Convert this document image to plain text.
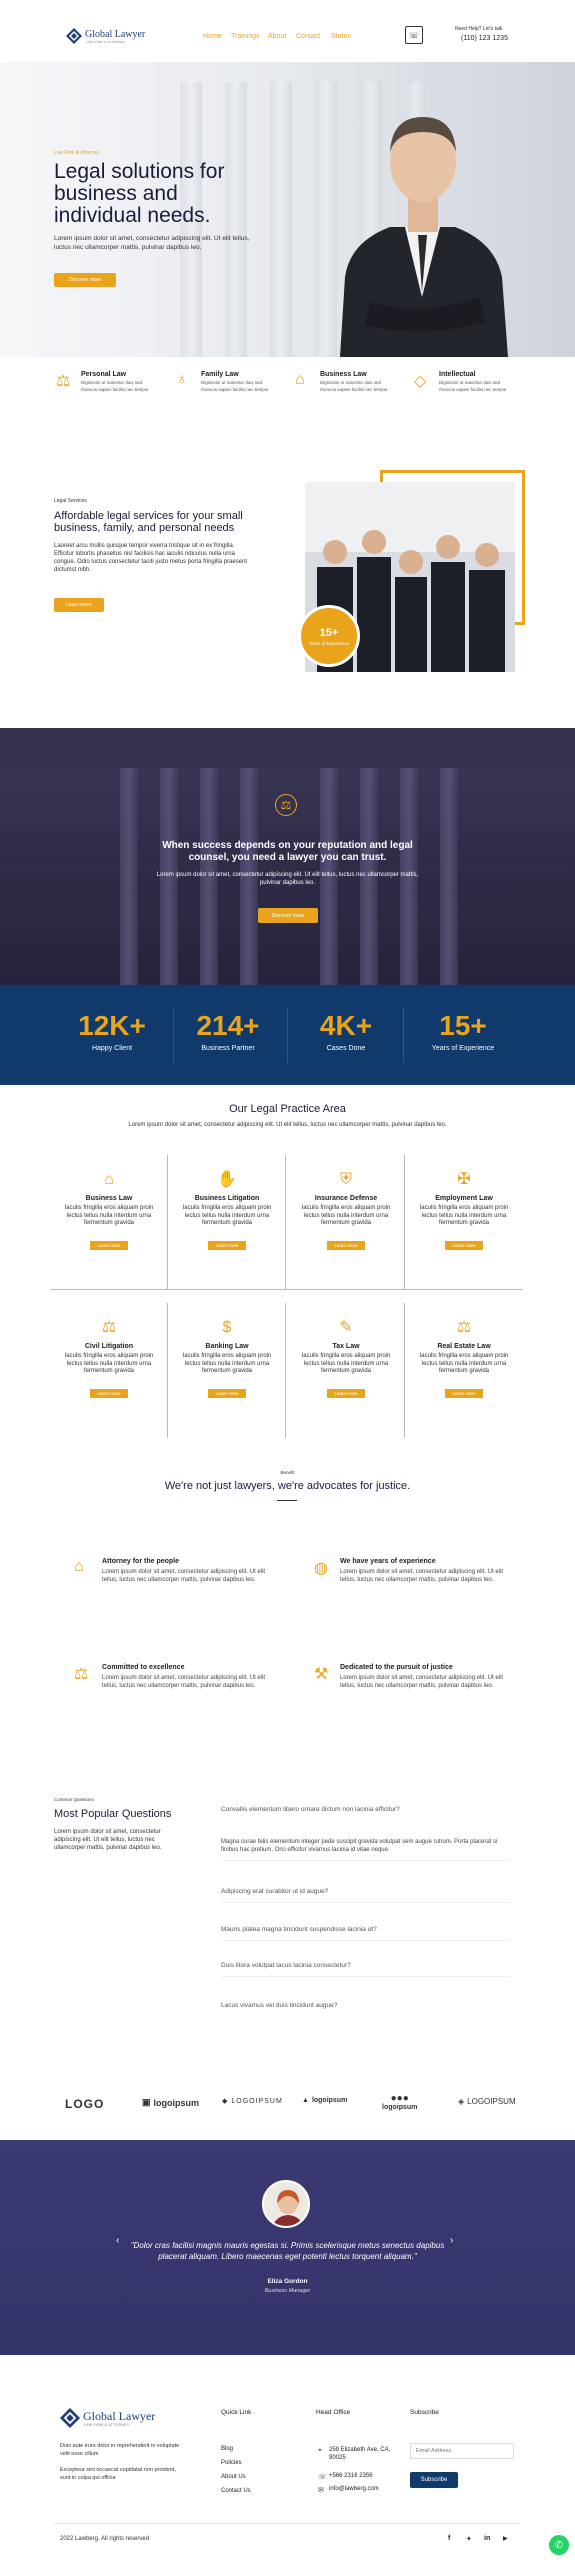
Global Lawyer
LAW FIRM & ATTORNEY
Home Trainings About Contact Status	☏
Need Help? Let's talk
(110) 123 1235
Law Firm & Attorney
Legal solutions for business and individual needs.
Lorem ipsum dolor sit amet, consectetur adipiscing elit. Ut elit tellus, luctus nec ullamcorper mattis, pulvinar dapibus leo.
Discover more
⚖ Personal Law
Dignissim ut nascetur duis sed rhoncus sapien facilisi nec tempor
♁ Family Law
Dignissim ut nascetur duis sed rhoncus sapien facilisi nec tempor
⌂ Business Law
Dignissim ut nascetur duis sed rhoncus sapien facilisi nec tempor	◇ Intellectual
Dignissim ut nascetur duis sed rhoncus sapien facilisi nec tempor
Legal Services
Affordable legal services for your small business, family, and personal needs
Laoreet arcu mollis quisque tempor viverra tristique sit in ex fringilla. Efficitur lobortis phasellus nisl facilisis hac iaculis ridiculus nulla urna congue. Odio luctus consectetur taciti justo metus porta fringilla praesent dictumst nibh.
Learn more
15+
Years of Experience
⚖
When success depends on your reputation and legal counsel, you need a lawyer you can trust.
Lorem ipsum dolor sit amet, consectetur adipiscing elit. Ut elit tellus, luctus nec ullamcorper mattis, pulvinar dapibus leo.
Discover more
12K+
Happy Client
214+
Business Partner
4K+
Cases Done
15+
Years of Experience
Our Legal Practice Area
Lorem ipsum dolor sit amet, consectetur adipiscing elit. Ut elit tellus, luctus nec ullamcorper mattis, pulvinar dapibus leo.
⌂
Business Law
Iaculis fringilla eros aliquam proin lectus tellus nulla interdum urna fermentum gravida
Learn more
✋
Business Litigation
Iaculis fringilla eros aliquam proin lectus tellus nulla interdum urna fermentum gravida
Learn more
⛨
Insurance Defense
Iaculis fringilla eros aliquam proin lectus tellus nulla interdum urna fermentum gravida
Learn more
✠
Employment Law
Iaculis fringilla eros aliquam proin lectus tellus nulla interdum urna fermentum gravida
Learn more
⚖
Civil Litigation
Iaculis fringilla eros aliquam proin lectus tellus nulla interdum urna fermentum gravida
Learn more
$
Banking Law
Iaculis fringilla eros aliquam proin lectus tellus nulla interdum urna fermentum gravida
Learn more
✎
Tax Law
Iaculis fringilla eros aliquam proin lectus tellus nulla interdum urna fermentum gravida
Learn more
⚖
Real Estate Law
Iaculis fringilla eros aliquam proin lectus tellus nulla interdum urna fermentum gravida
Learn more
Benefit
We're not just lawyers, we're advocates for justice.
⌂	Attorney for the people
Lorem ipsum dolor sit amet, consectetur adipiscing elit. Ut elit tellus, luctus nec ullamcorper mattis, pulvinar dapibus leo.
◍ We have years of experience
Lorem ipsum dolor sit amet, consectetur adipiscing elit. Ut elit tellus, luctus nec ullamcorper mattis, pulvinar dapibus leo.
⚖ Committed to excellence
Lorem ipsum dolor sit amet, consectetur adipiscing elit. Ut elit tellus, luctus nec ullamcorper mattis, pulvinar dapibus leo.
⚒ Dedicated to the pursuit of justice
Lorem ipsum dolor sit amet, consectetur adipiscing elit. Ut elit tellus, luctus nec ullamcorper mattis, pulvinar dapibus leo.
Common Questions
Most Popular Questions
Lorem ipsum dolor sit amet, consectetur adipiscing elit. Ut elit tellus, luctus nec ullamcorper mattis, pulvinar dapibus leo.
Convallis elementum libero ornare dictum non lacinia efficitur?
Magna curae felis elementum integer pede suscipit gravida volutpat sem augue rutrum. Porta placerat si finibus hac pretium. Orci efficitur vivamus lacinia id vitae neque.
Adipiscing erat curabitur ut id augue?
Mauris platea magna tincidunt suspendisse lacinia ut?
Duis litora volutpat lacus lacinia consectetur?
Lacus vivamus vel duis tincidunt augue?
LOGO	▣ logoipsum	◆ LOGOIPSUM	▲ logoipsum	●●●
logoipsum
◈ LOGOIPSUM
‹	›
"Dolor cras facilisi magnis mauris egestas si. Primis scelerisque metus senectus dapibus placerat aliquam. Libero maecenas eget potenti lectus torquent aliquam."
Eliza Gordon
Business Manager
Global Lawyer
LAW FIRM & ATTORNEY
Duis aute irure dolor in reprehenderit in voluptate velit esse cillum
Excepteur sint occaecat cupidatat non proident, sunt in culpa qui officia
Quick Link
Blog
Policies
About Us
Contact Us
Head Office
⌖ 259 Elizabeth Ave, CA, 90025
☏ +566 2316 2356
✉ info@lawberg.com
Subscribe
Email Address
Subscribe
2022 Lawberg. All rights reserved	f ✦ in ▶
✆
